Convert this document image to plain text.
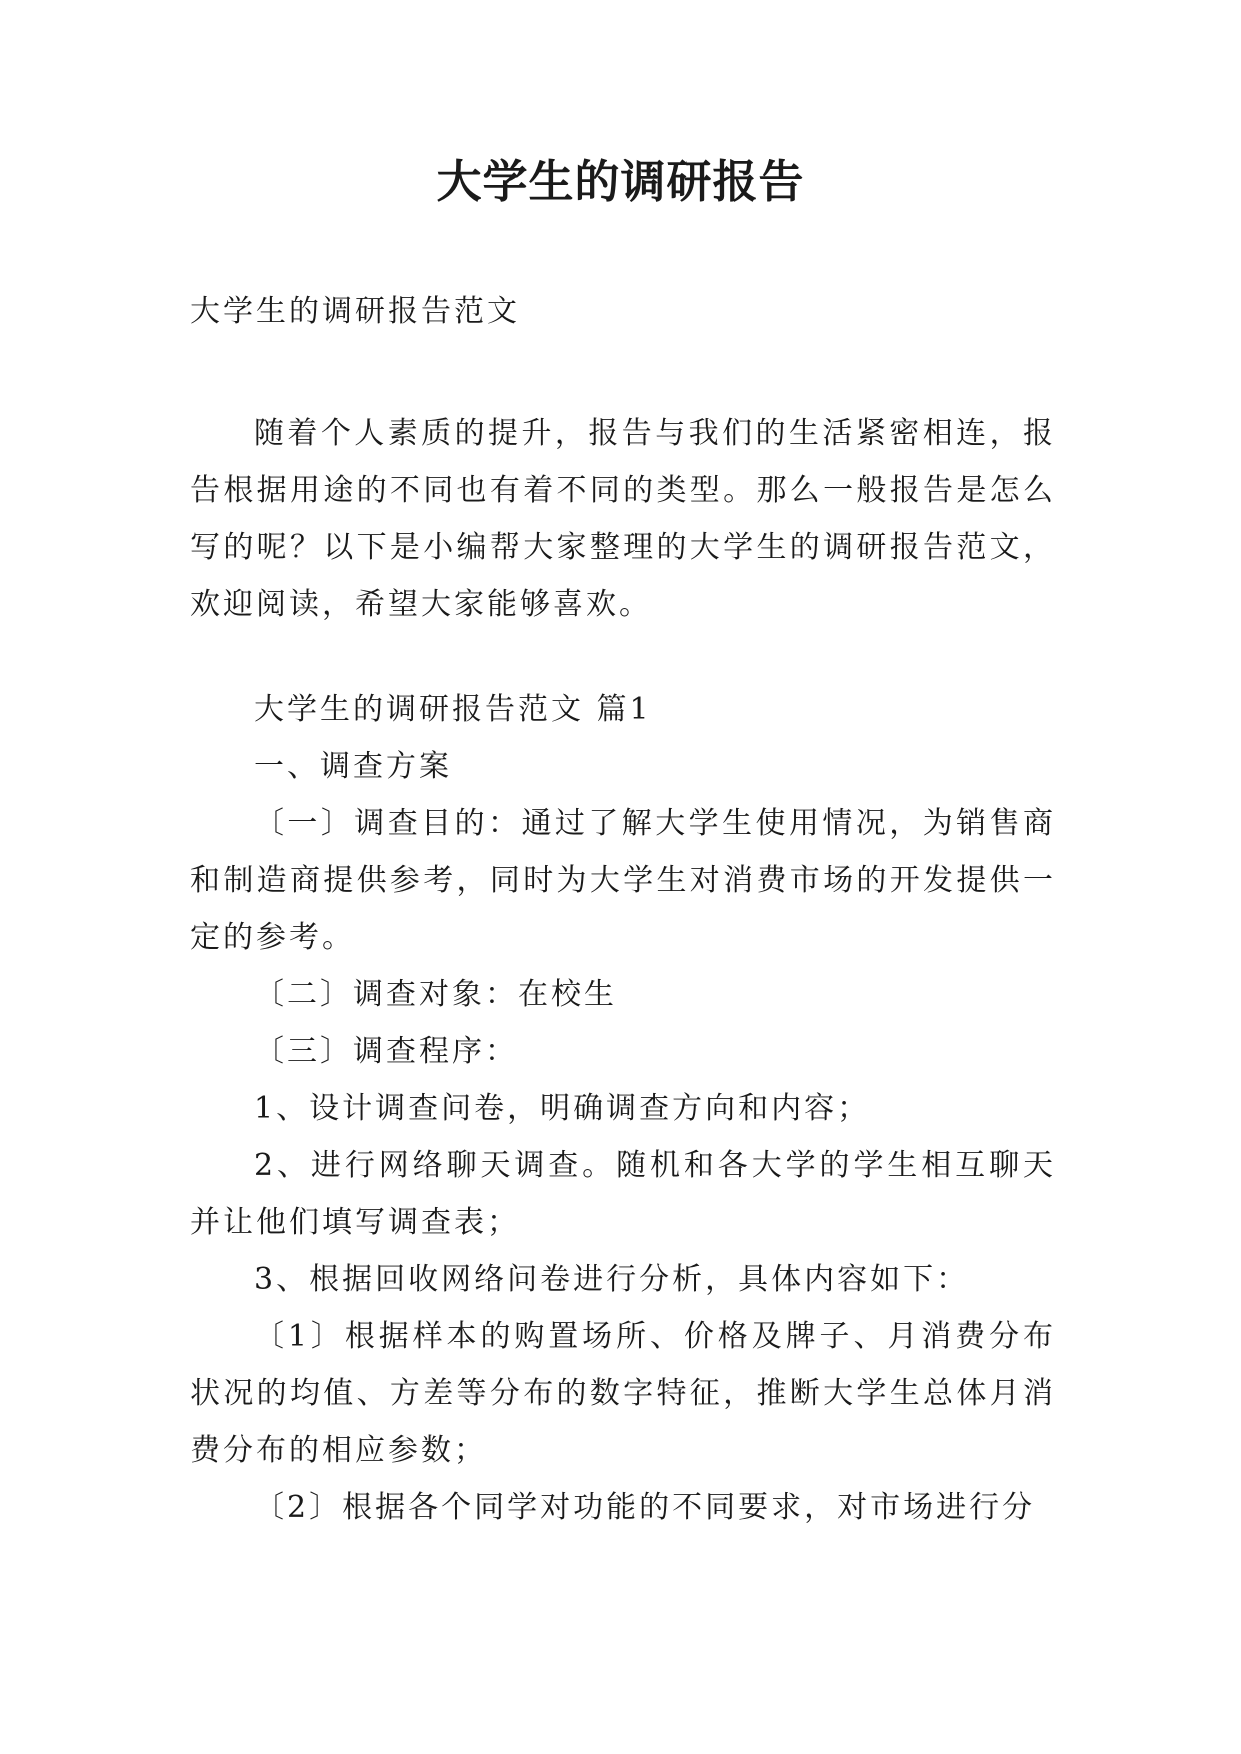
大学生的调研报告
大学生的调研报告范文

随着个人素质的提升，报告与我们的生活紧密相连，报告根据用途的不同也有着不同的类型。那么一般报告是怎么写的呢？以下是小编帮大家整理的大学生的调研报告范文，欢迎阅读，希望大家能够喜欢。

大学生的调研报告范文 篇1

一、调查方案

〔一〕调查目的：通过了解大学生使用情况，为销售商和制造商提供参考，同时为大学生对消费市场的开发提供一定的参考。

〔二〕调查对象：在校生

〔三〕调查程序：

1、设计调查问卷，明确调查方向和内容；

2、进行网络聊天调查。随机和各大学的学生相互聊天并让他们填写调查表；

3、根据回收网络问卷进行分析，具体内容如下：

〔1〕根据样本的购置场所、价格及牌子、月消费分布状况的均值、方差等分布的数字特征，推断大学生总体月消费分布的相应参数；

〔2〕根据各个同学对功能的不同要求，对市场进行分
